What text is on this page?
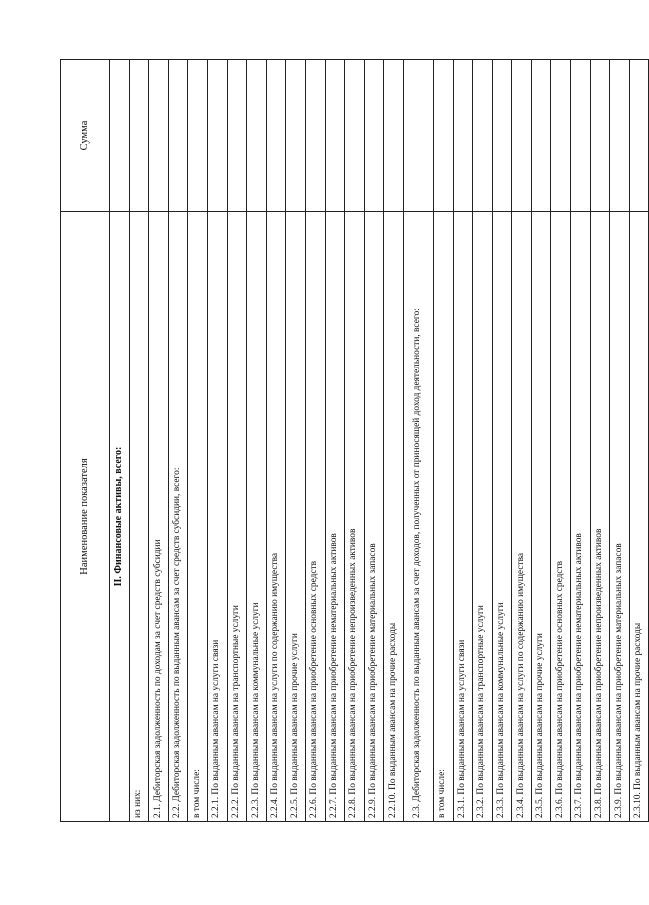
Наименование показателя	Сумма
II. Финансовые активы, всего:	
из них:	
2.1. Дебиторская задолженность по доходам за счет средств субсидии	
2.2. Дебиторская задолженность по выданным авансам за счет средств субсидии, всего:	
в том числе:	
2.2.1. По выданным авансам на услуги связи	
2.2.2. По выданным авансам на транспортные услуги	
2.2.3. По выданным авансам на коммунальные услуги	
2.2.4. По выданным авансам на услуги по содержанию имущества	
2.2.5. По выданным авансам на прочие услуги	
2.2.6. По выданным авансам на приобретение основных средств	
2.2.7. По выданным авансам на приобретение нематериальных активов	
2.2.8. По выданным авансам на приобретение непроизведенных активов	
2.2.9. По выданным авансам на приобретение материальных запасов	
2.2.10. По выданным авансам на прочие расходы	
2.3. Дебиторская задолженность по выданным авансам за счет доходов, полученных от приносящей доход деятельности, всего:	
в том числе:	
2.3.1. По выданным авансам на услуги связи	
2.3.2. По выданным авансам на транспортные услуги	
2.3.3. По выданным авансам на коммунальные услуги	
2.3.4. По выданным авансам на услуги по содержанию имущества	
2.3.5. По выданным авансам на прочие услуги	
2.3.6. По выданным авансам на приобретение основных средств	
2.3.7. По выданным авансам на приобретение нематериальных активов	
2.3.8. По выданным авансам на приобретение непроизведенных активов	
2.3.9. По выданным авансам на приобретение материальных запасов	
2.3.10. По выданным авансам на прочие расходы	
